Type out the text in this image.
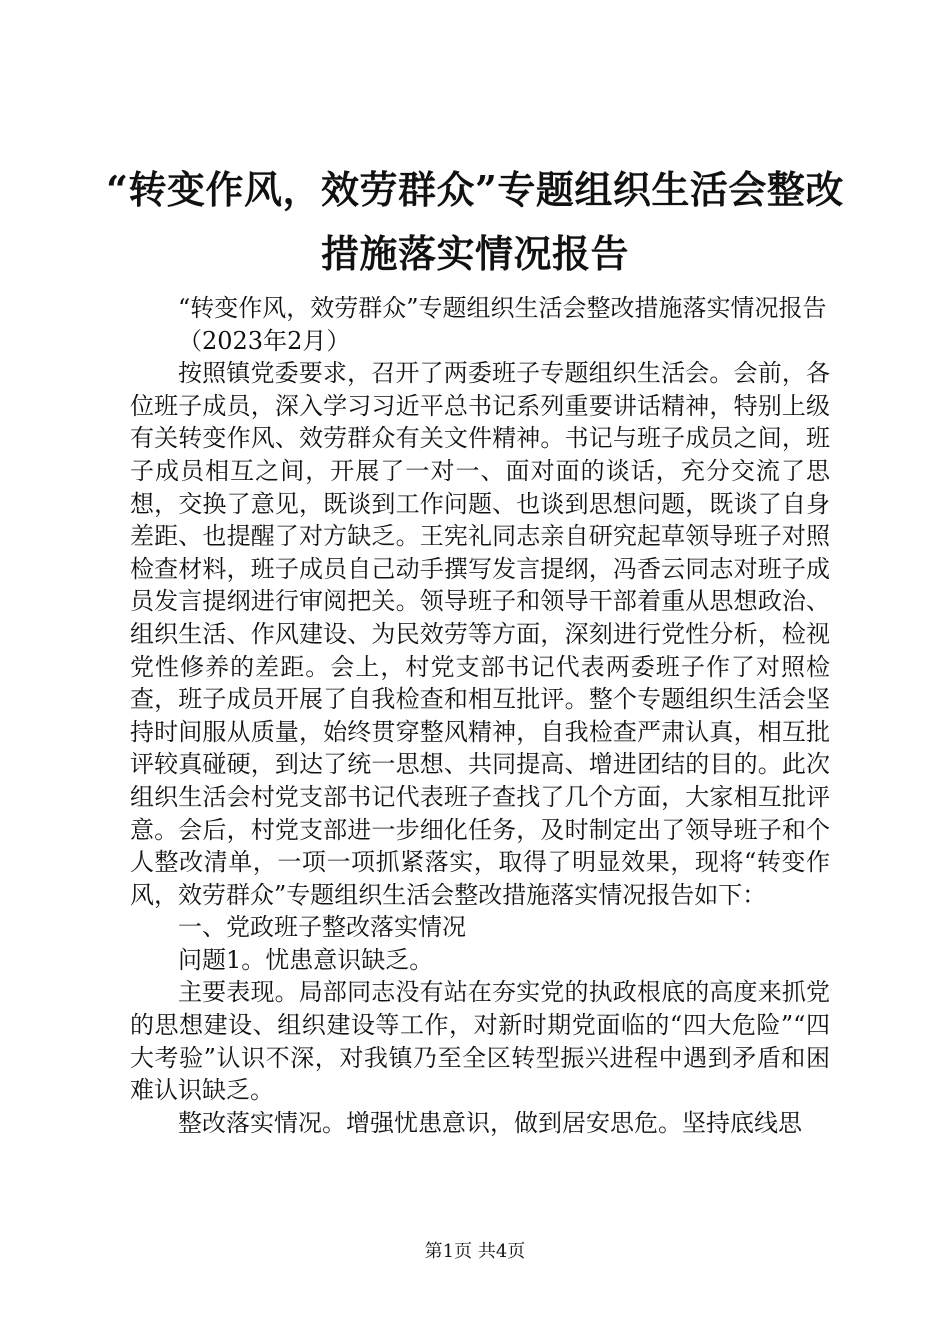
“转变作风，效劳群众”专题组织生活会整改措施落实情况报告

“转变作风，效劳群众”专题组织生活会整改措施落实情况报告

（2023年2月）

按照镇党委要求，召开了两委班子专题组织生活会。会前，各位班子成员，深入学习习近平总书记系列重要讲话精神，特别上级有关转变作风、效劳群众有关文件精神。书记与班子成员之间，班子成员相互之间，开展了一对一、面对面的谈话，充分交流了思想，交换了意见，既谈到工作问题、也谈到思想问题，既谈了自身差距、也提醒了对方缺乏。王宪礼同志亲自研究起草领导班子对照检查材料，班子成员自己动手撰写发言提纲，冯香云同志对班子成员发言提纲进行审阅把关。领导班子和领导干部着重从思想政治、组织生活、作风建设、为民效劳等方面，深刻进行党性分析，检视党性修养的差距。会上，村党支部书记代表两委班子作了对照检查，班子成员开展了自我检查和相互批评。整个专题组织生活会坚持时间服从质量，始终贯穿整风精神，自我检查严肃认真，相互批评较真碰硬，到达了统一思想、共同提高、增进团结的目的。此次组织生活会村党支部书记代表班子查找了几个方面，大家相互批评意。会后，村党支部进一步细化任务，及时制定出了领导班子和个人整改清单，一项一项抓紧落实，取得了明显效果，现将“转变作风，效劳群众”专题组织生活会整改措施落实情况报告如下：

一、党政班子整改落实情况

问题1。忧患意识缺乏。

主要表现。局部同志没有站在夯实党的执政根底的高度来抓党的思想建设、组织建设等工作，对新时期党面临的“四大危险”“四大考验”认识不深，对我镇乃至全区转型振兴进程中遇到矛盾和困难认识缺乏。

整改落实情况。增强忧患意识，做到居安思危。坚持底线思

第1页 共4页
